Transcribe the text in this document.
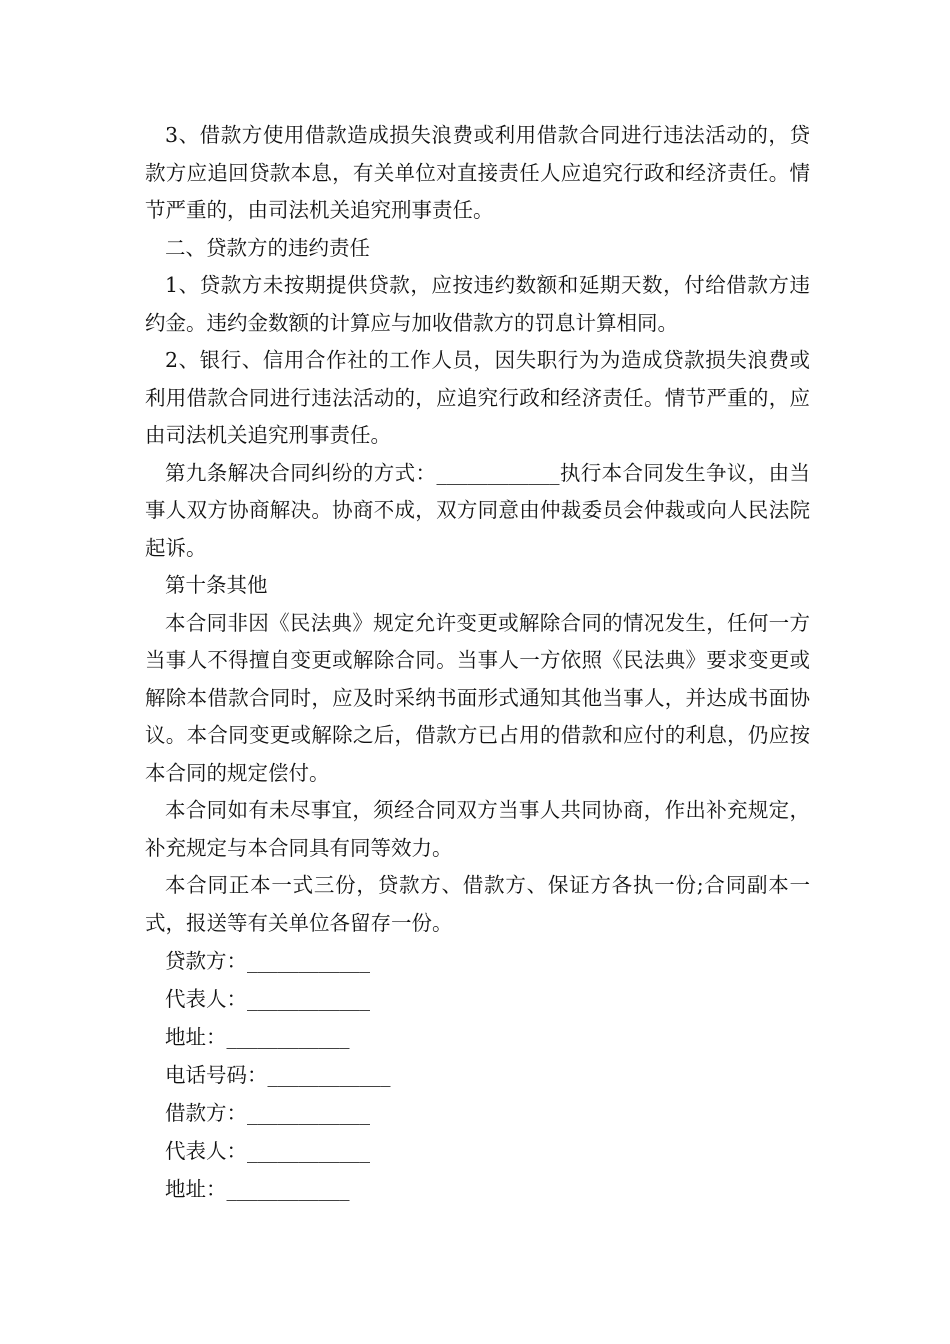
3、借款方使用借款造成损失浪费或利用借款合同进行违法活动的，贷款方应追回贷款本息，有关单位对直接责任人应追究行政和经济责任。情节严重的，由司法机关追究刑事责任。

二、贷款方的违约责任

1、贷款方未按期提供贷款，应按违约数额和延期天数，付给借款方违约金。违约金数额的计算应与加收借款方的罚息计算相同。

2、银行、信用合作社的工作人员，因失职行为为造成贷款损失浪费或利用借款合同进行违法活动的，应追究行政和经济责任。情节严重的，应由司法机关追究刑事责任。

第九条解决合同纠纷的方式：____________执行本合同发生争议，由当事人双方协商解决。协商不成，双方同意由仲裁委员会仲裁或向人民法院起诉。

第十条其他

本合同非因《民法典》规定允许变更或解除合同的情况发生，任何一方当事人不得擅自变更或解除合同。当事人一方依照《民法典》要求变更或解除本借款合同时，应及时采纳书面形式通知其他当事人，并达成书面协议。本合同变更或解除之后，借款方已占用的借款和应付的利息，仍应按本合同的规定偿付。

本合同如有未尽事宜，须经合同双方当事人共同协商，作出补充规定，补充规定与本合同具有同等效力。

本合同正本一式三份，贷款方、借款方、保证方各执一份;合同副本一式，报送等有关单位各留存一份。

贷款方：____________

代表人：____________

地址：____________

电话号码：____________

借款方：____________

代表人：____________

地址：____________
